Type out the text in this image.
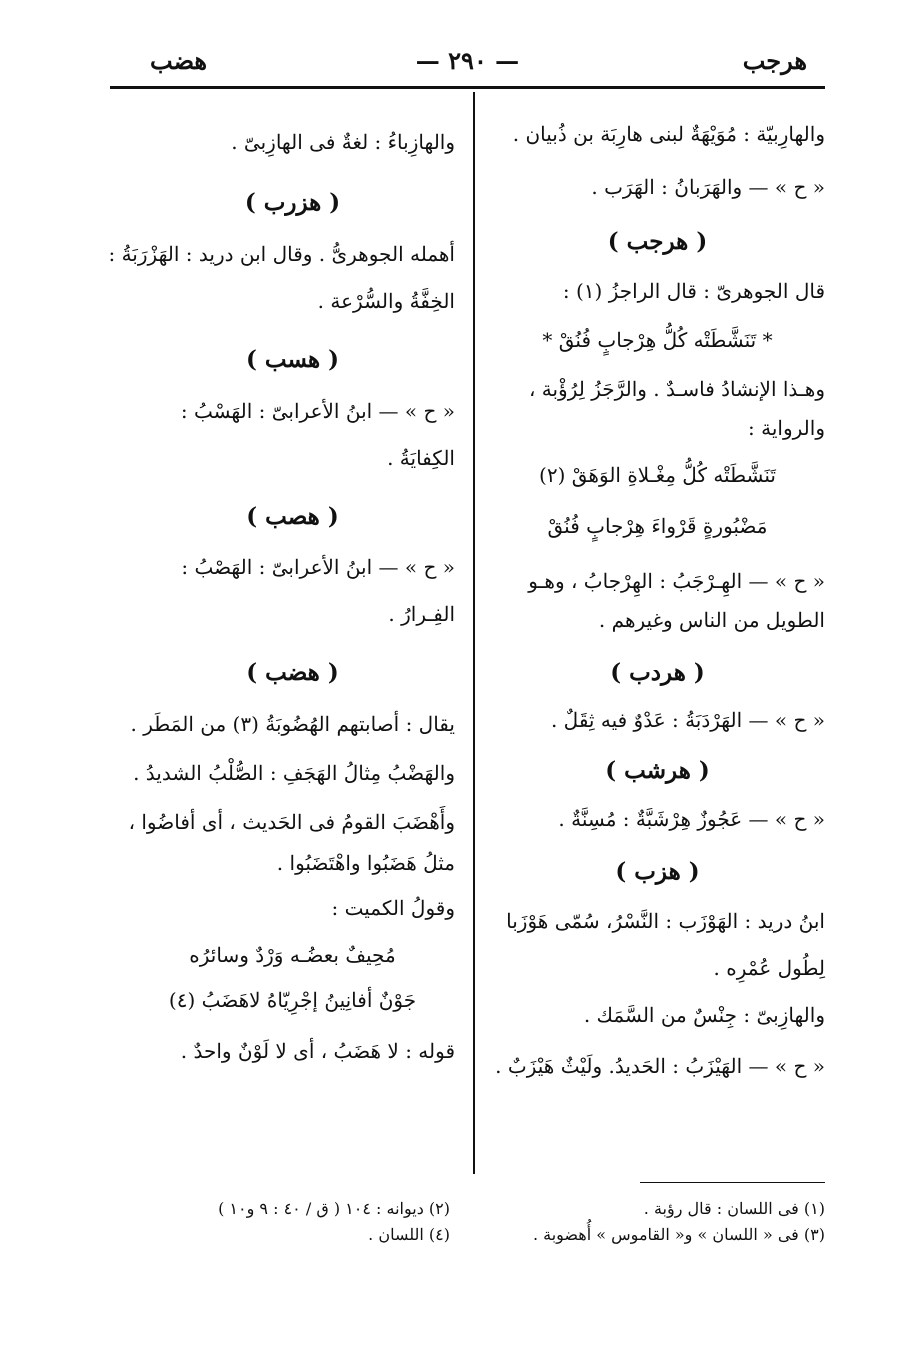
هرجب
— ٢٩٠ —
هضب

والهارِبيّة : مُوَيْهَةٌ لبنى هارِبَة بن ذُبيان .

« ح » — والهَرَبانُ : الهَرَب .

( هرجب )

قال الجوهرىّ : قال الراجزُ (١) :

* تَنَشَّطَتْه كُلُّ هِرْجابٍ فُنُقْ *

وهـذا الإنشادُ فاسـدٌ . والرَّجَزُ لِرُؤْبة ،

والرواية :

تَنَشَّطَتْه كُلُّ مِغْـلاةِ الوَهَقْ (٢)

مَضْبُورةٍ قَرْواءَ هِرْجابٍ فُنُقْ

« ح » — الهِـرْجَبُ : الهِرْجابُ ، وهـو

الطويل من الناس وغيرهم .

( هردب )

« ح » — الهَرْدَبَةُ : عَدْوٌ فيه ثِقَلٌ .

( هرشب )

« ح » — عَجُوزٌ هِرْشَبَّةٌ : مُسِنَّةٌ .

( هزب )

ابنُ دريد : الهَوْزَب : النَّسْرُ، سُمّى هَوْزَبا

لِطُول عُمْرِه .

والهازِبىّ : جِنْسٌ من السَّمَك .

« ح » — الهَيْزَبُ : الحَديدُ. ولَيْثٌ هَيْزَبٌ .

والهازِباءُ : لغةٌ فى الهازِبىّ .

( هزرب )

أهمله الجوهرىُّ . وقال ابن دريد : الهَزْرَبَةُ :

الخِفَّةُ والسُّرْعة .

( هسب )

« ح » — ابنُ الأعرابىّ : الهَسْبُ :

الكِفايَةُ .

( هصب )

« ح » — ابنُ الأعرابىّ : الهَصْبُ :

الفِـرارُ .

( هضب )

يقال : أصابتهم الهُضُوبَةُ (٣) من المَطَر .

والهَضْبُ مِثالُ الهَجَفِ : الصُّلْبُ الشديدُ .

وأَهْضَبَ القومُ فى الحَديث ، أى أفاضُوا ،

مثلُ هَضَبُوا واهْتَضَبُوا .

وقولُ الكميت :

مُحِيفٌ بعضُـه وَرْدٌ وسائرُه

جَوْنٌ أفانِينُ إجْرِيّاهُ لاهَضَبُ (٤)

قوله : لا هَضَبُ ، أى لا لَوْنٌ واحدٌ .

(١) فى اللسان : قال رؤبة .
(٣) فى « اللسان » و« القاموس » أُهضوبة .
(٢) ديوانه : ١٠٤ ( ق / ٤٠ : ٩ و١٠ )
(٤) اللسان .
